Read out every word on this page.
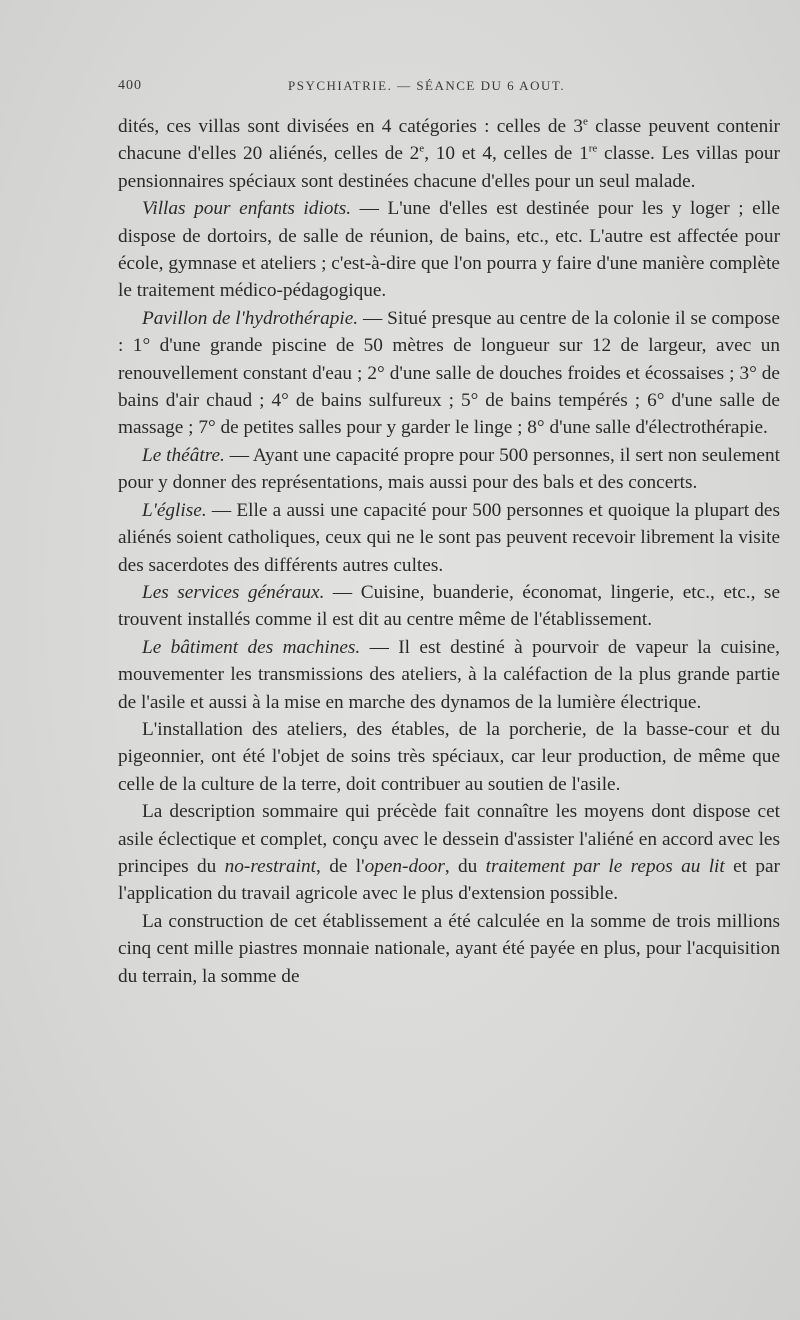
400	PSYCHIATRIE. — SÉANCE DU 6 AOUT.

dités, ces villas sont divisées en 4 catégories : celles de 3e classe peuvent contenir chacune d'elles 20 aliénés, celles de 2e, 10 et 4, celles de 1re classe. Les villas pour pensionnaires spéciaux sont destinées chacune d'elles pour un seul malade.

Villas pour enfants idiots. — L'une d'elles est destinée pour les y loger ; elle dispose de dortoirs, de salle de réunion, de bains, etc., etc. L'autre est affectée pour école, gymnase et ateliers ; c'est-à-dire que l'on pourra y faire d'une manière complète le traitement médico-pédagogique.

Pavillon de l'hydrothérapie. — Situé presque au centre de la colonie il se compose : 1° d'une grande piscine de 50 mètres de longueur sur 12 de largeur, avec un renouvellement constant d'eau ; 2° d'une salle de douches froides et écossaises ; 3° de bains d'air chaud ; 4° de bains sulfureux ; 5° de bains tempérés ; 6° d'une salle de massage ; 7° de petites salles pour y garder le linge ; 8° d'une salle d'électrothérapie.

Le théâtre. — Ayant une capacité propre pour 500 personnes, il sert non seulement pour y donner des représentations, mais aussi pour des bals et des concerts.

L'église. — Elle a aussi une capacité pour 500 personnes et quoique la plupart des aliénés soient catholiques, ceux qui ne le sont pas peuvent recevoir librement la visite des sacerdotes des différents autres cultes.

Les services généraux. — Cuisine, buanderie, économat, lingerie, etc., etc., se trouvent installés comme il est dit au centre même de l'établissement.

Le bâtiment des machines. — Il est destiné à pourvoir de vapeur la cuisine, mouvementer les transmissions des ateliers, à la caléfaction de la plus grande partie de l'asile et aussi à la mise en marche des dynamos de la lumière électrique.

L'installation des ateliers, des étables, de la porcherie, de la basse-cour et du pigeonnier, ont été l'objet de soins très spéciaux, car leur production, de même que celle de la culture de la terre, doit contribuer au soutien de l'asile.

La description sommaire qui précède fait connaître les moyens dont dispose cet asile éclectique et complet, conçu avec le dessein d'assister l'aliéné en accord avec les principes du no-restraint, de l'open-door, du traitement par le repos au lit et par l'application du travail agricole avec le plus d'extension possible.

La construction de cet établissement a été calculée en la somme de trois millions cinq cent mille piastres monnaie nationale, ayant été payée en plus, pour l'acquisition du terrain, la somme de
